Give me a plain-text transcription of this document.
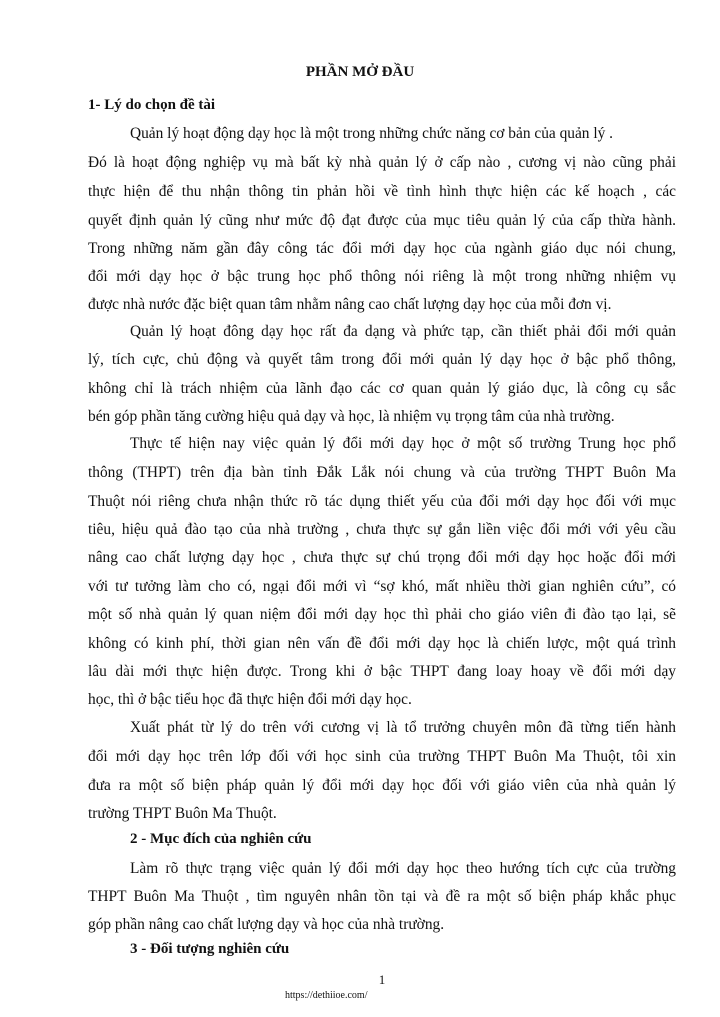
PHẦN MỞ ĐẦU
1- Lý do chọn đề tài
Quản lý hoạt động dạy học là một trong những chức năng cơ bản của quản lý .
Đó là hoạt động nghiệp vụ mà bất kỳ nhà quản lý ở cấp nào , cương vị nào cũng phải
thực hiện để thu nhận thông tin phản hồi về tình hình thực hiện các kế hoạch , các
quyết định quản lý cũng như mức độ đạt được của mục tiêu quản lý của cấp thừa hành.
Trong những năm gần đây công tác đổi mới dạy học của ngành giáo dục nói chung,
đổi mới dạy học ở bậc trung học phổ thông nói riêng là một trong những nhiệm vụ
được nhà nước đặc biệt quan tâm nhằm nâng cao chất lượng dạy học của mỗi đơn vị.
Quản lý hoạt đông dạy học rất đa dạng và phức tạp, cần thiết phải đổi mới quản
lý, tích cực, chủ động và quyết tâm trong đổi mới quản lý dạy học ở bậc phổ thông,
không chỉ là trách nhiệm của lãnh đạo các cơ quan quản lý giáo dục, là công cụ sắc
bén góp phần tăng cường hiệu quả dạy và học, là nhiệm vụ trọng tâm của nhà trường.
Thực tế hiện nay việc quản lý đổi mới dạy học ở một số trường Trung học phổ
thông (THPT) trên địa bàn tỉnh Đắk Lắk nói chung và của trường THPT Buôn Ma
Thuột nói riêng chưa nhận thức rõ tác dụng thiết yếu của đổi mới dạy học đối với mục
tiêu, hiệu quả đào tạo của nhà trường , chưa thực sự gắn liền việc đổi mới với yêu cầu
nâng cao chất lượng dạy học , chưa thực sự chú trọng đổi mới dạy học hoặc đổi mới
với tư tưởng làm cho có, ngại đổi mới vì “sợ khó, mất nhiều thời gian nghiên cứu”, có
một số nhà quản lý quan niệm đổi mới dạy học thì phải cho giáo viên đi đào tạo lại, sẽ
không có kinh phí, thời gian nên vấn đề đổi mới dạy học là chiến lược, một quá trình
lâu dài mới thực hiện được. Trong khi ở bậc THPT đang loay hoay về đổi mới dạy
học, thì ở bậc tiểu học đã thực hiện đổi mới dạy học.
Xuất phát từ lý do trên với cương vị là tổ trưởng chuyên môn đã từng tiến hành
đổi mới dạy học trên lớp đối với học sinh của trường THPT Buôn Ma Thuột, tôi xin
đưa ra một số biện pháp quản lý đổi mới dạy học đối với giáo viên của nhà quản lý
trường THPT Buôn Ma Thuột.
2 - Mục đích của nghiên cứu
Làm rõ thực trạng việc quản lý đổi mới dạy học theo hướng tích cực của trường
THPT Buôn Ma Thuột , tìm nguyên nhân tồn tại và đề ra một số biện pháp khắc phục
góp phần nâng cao chất lượng dạy và học của nhà trường.
3 - Đối tượng nghiên cứu
1
https://dethiioe.com/
